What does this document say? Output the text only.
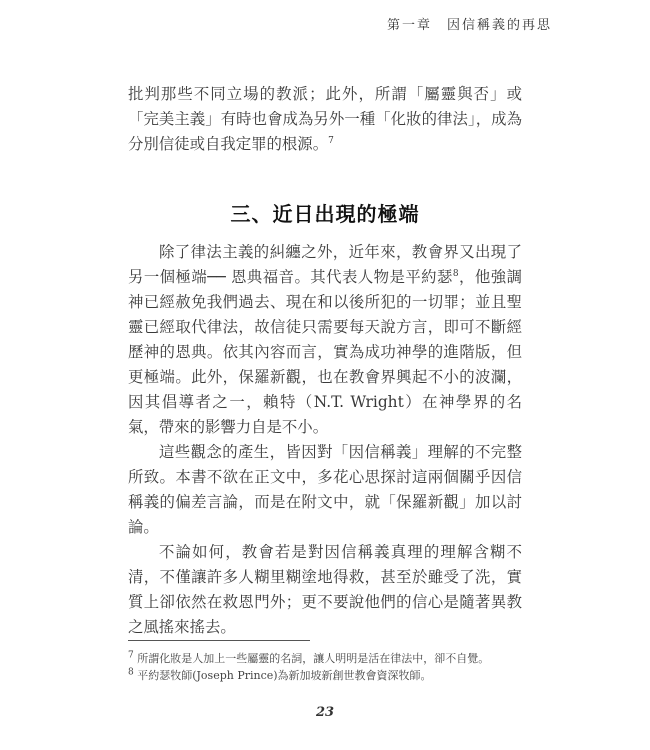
第一章　因信稱義的再思

批判那些不同立場的教派；此外，所謂「屬靈與否」或「完美主義」有時也會成為另外一種「化妝的律法」，成為分別信徒或自我定罪的根源。$^7$

三、近日出現的極端

除了律法主義的糾纏之外，近年來，教會界又出現了另一個極端── 恩典福音。其代表人物是平約瑟$^8$，他強調神已經赦免我們過去、現在和以後所犯的一切罪；並且聖靈已經取代律法，故信徒只需要每天說方言，即可不斷經歷神的恩典。依其內容而言，實為成功神學的進階版，但更極端。此外，保羅新觀，也在教會界興起不小的波瀾，因其倡導者之一，賴特（N.T. Wright）在神學界的名氣，帶來的影響力自是不小。

這些觀念的產生，皆因對「因信稱義」理解的不完整所致。本書不欲在正文中，多花心思探討這兩個關乎因信稱義的偏差言論，而是在附文中，就「保羅新觀」加以討論。

不論如何，教會若是對因信稱義真理的理解含糊不清，不僅讓許多人糊里糊塗地得救，甚至於雖受了洗，實質上卻依然在救恩門外；更不要說他們的信心是隨著異教之風搖來搖去。

$^7$ 所謂化妝是人加上一些屬靈的名詞，讓人明明是活在律法中，卻不自覺。
$^8$ 平約瑟牧師(Joseph Prince)為新加坡新創世教會資深牧師。
23
